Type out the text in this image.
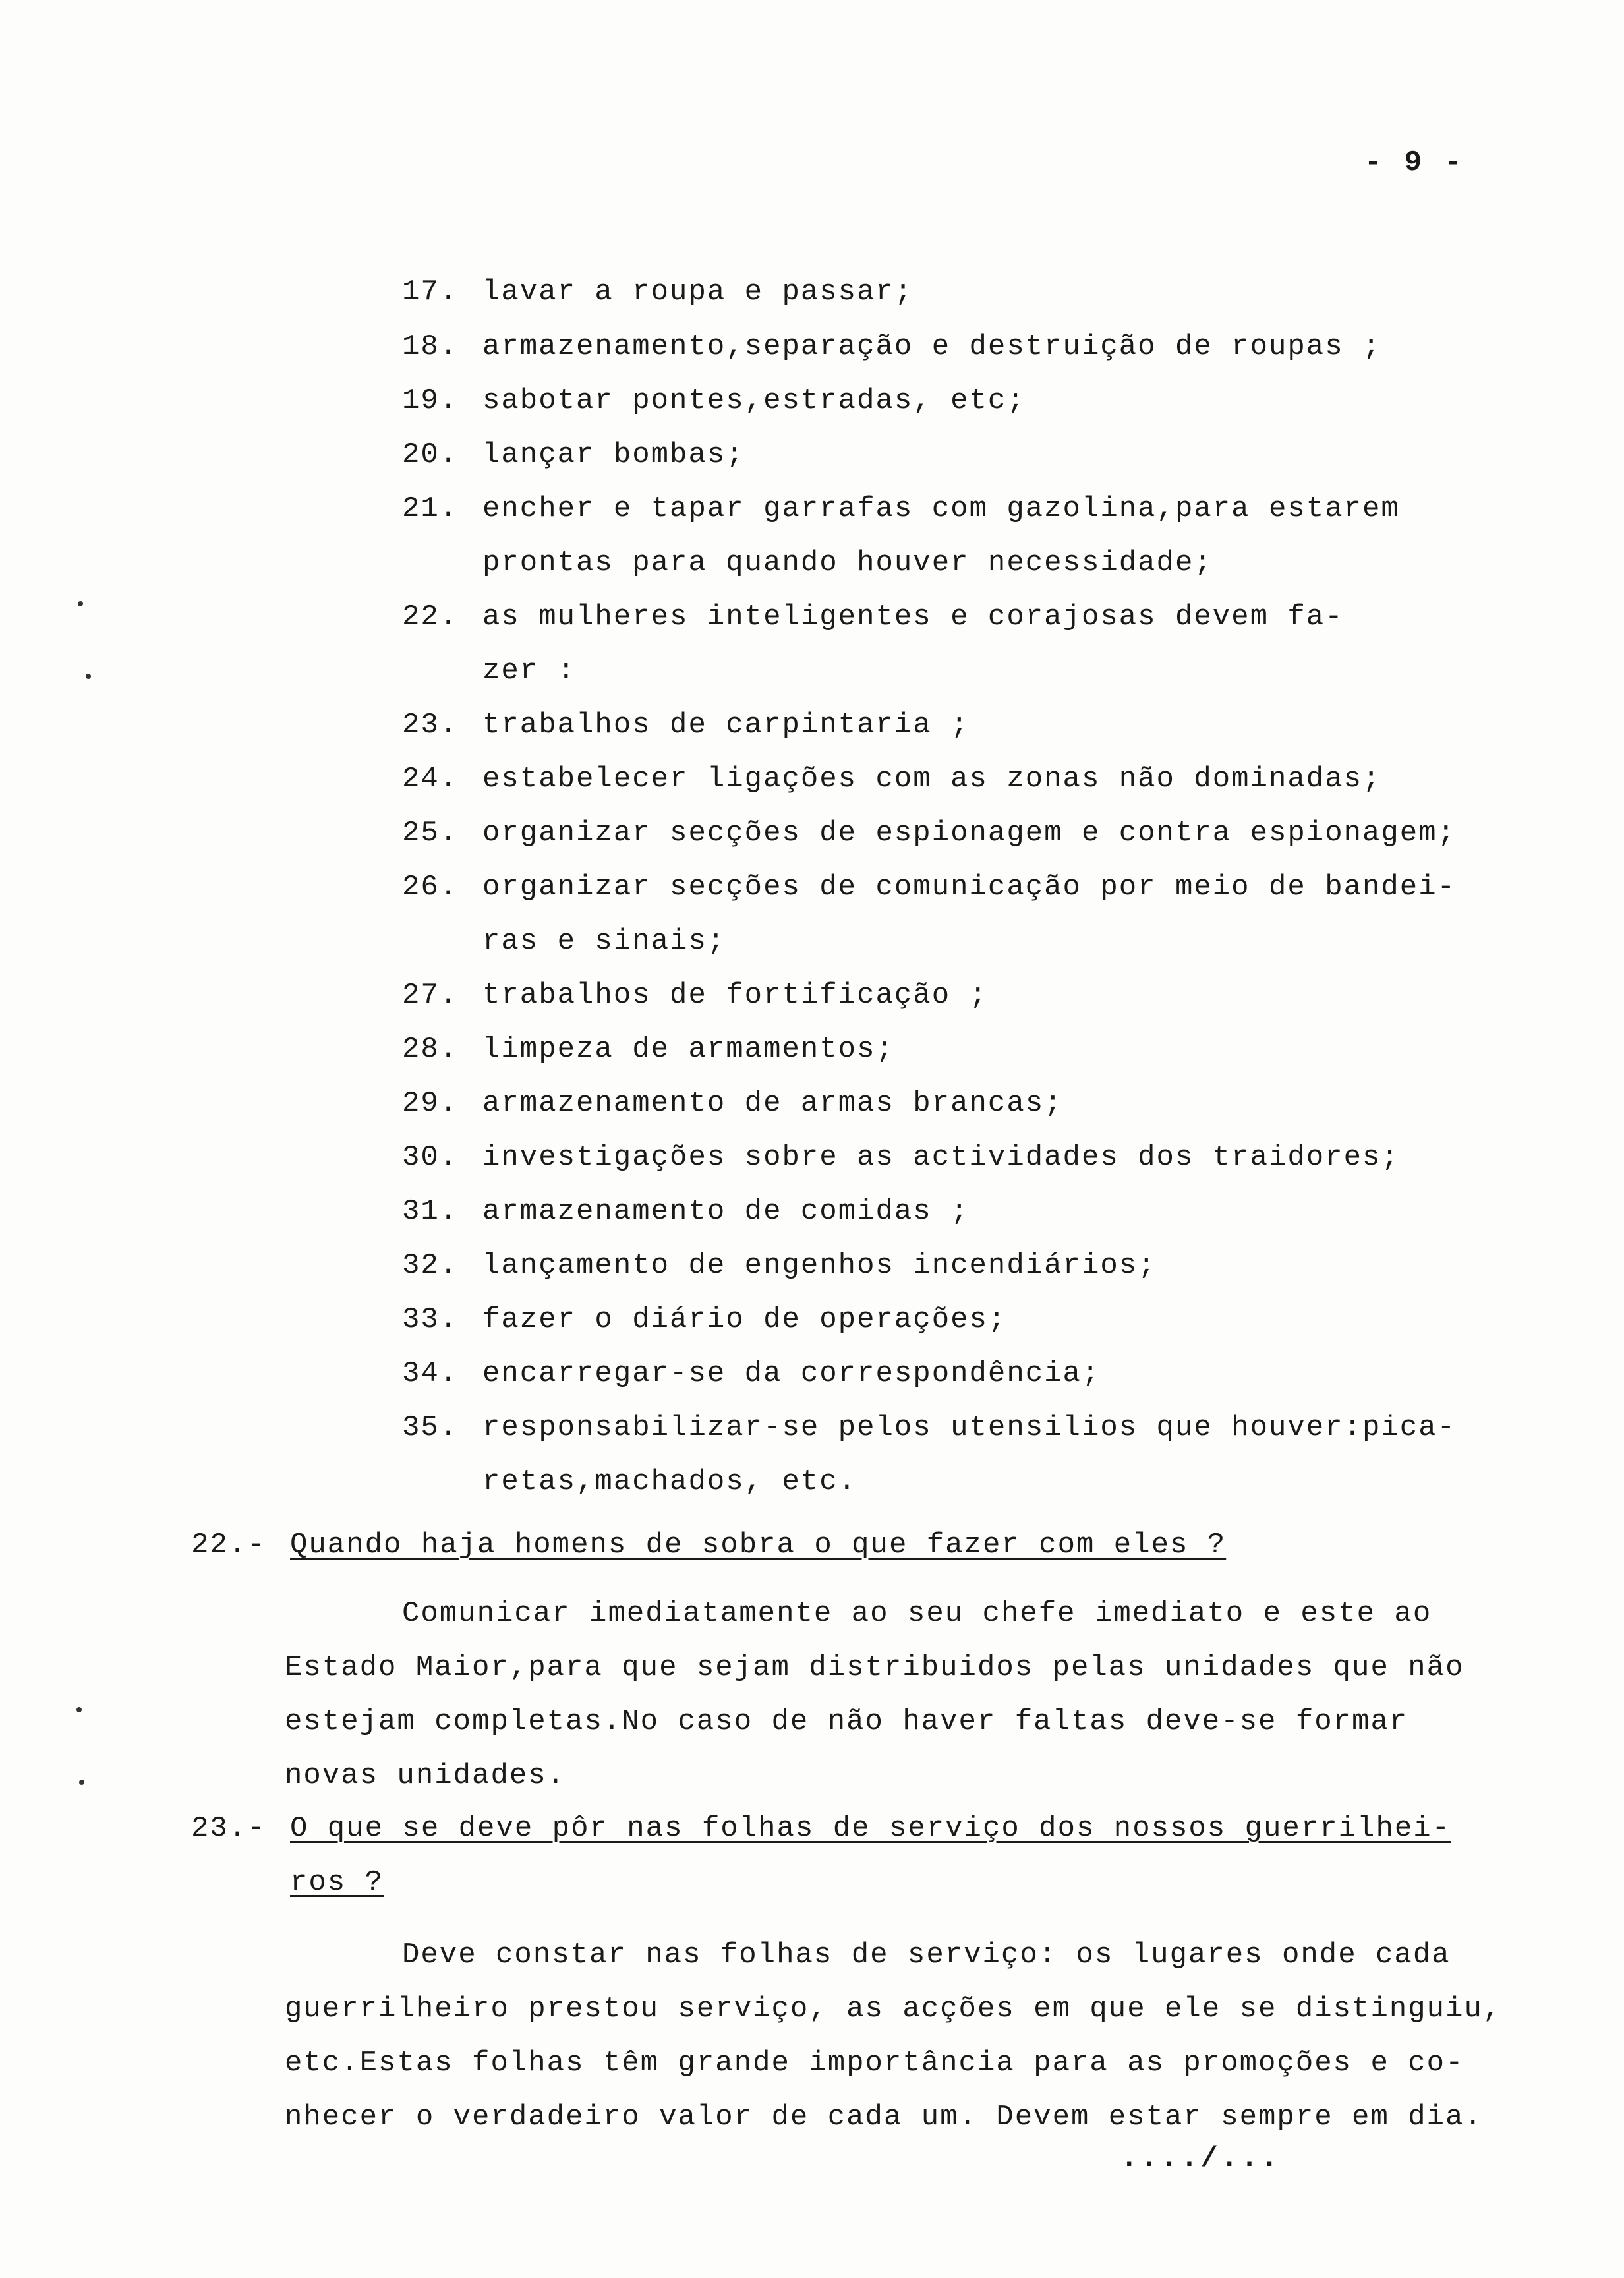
- 9 -
17. lavar a roupa e passar;
18. armazenamento,separação e destruição de roupas ;
19. sabotar pontes,estradas, etc;
20. lançar bombas;
21. encher e tapar garrafas com gazolina,para estarem
prontas para quando houver necessidade;
22. as mulheres inteligentes e corajosas devem fa-
zer :
23. trabalhos de carpintaria ;
24. estabelecer ligações com as zonas não dominadas;
25. organizar secções de espionagem e contra espionagem;
26. organizar secções de comunicação por meio de bandei-
ras e sinais;
27. trabalhos de fortificação ;
28. limpeza de armamentos;
29. armazenamento de armas brancas;
30. investigações sobre as actividades dos traidores;
31. armazenamento de comidas ;
32. lançamento de engenhos incendiários;
33. fazer o diário de operações;
34. encarregar-se da correspondência;
35. responsabilizar-se pelos utensilios que houver:pica-
retas,machados, etc.
22.- Quando haja homens de sobra o que fazer com eles ?
Comunicar imediatamente ao seu chefe imediato e este ao
Estado Maior,para que sejam distribuidos pelas unidades que não
estejam completas.No caso de não haver faltas deve-se formar
novas unidades.
23.- O que se deve pôr nas folhas de serviço dos nossos guerrilhei-
ros ?
Deve constar nas folhas de serviço: os lugares onde cada
guerrilheiro prestou serviço, as acções em que ele se distinguiu,
etc.Estas folhas têm grande importância para as promoções e co-
nhecer o verdadeiro valor de cada um. Devem estar sempre em dia.
..../...
